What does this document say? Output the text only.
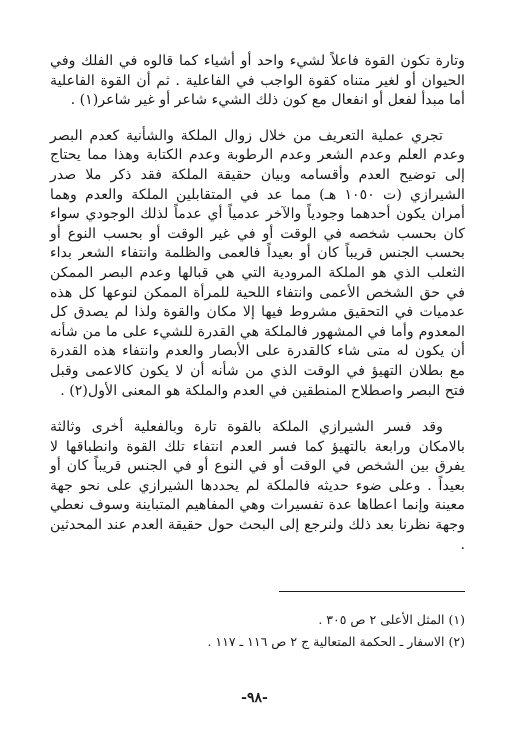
وتارة تكون القوة فاعلاً لشيء واحد أو أشياء كما قالوه في الفلك وفي الحيوان أو لغير متناه كقوة الواجب في الفاعلية . ثم أن القوة الفاعلية أما مبدأ لفعل أو انفعال مع كون ذلك الشيء شاعر أو غير شاعر(١) .

تجري عملية التعريف من خلال زوال الملكة والشأنية كعدم البصر وعدم العلم وعدم الشعر وعدم الرطوبة وعدم الكتابة وهذا مما يحتاج إلى توضيح العدم وأقسامه وبيان حقيقة الملكة فقد ذكر ملا صدر الشيرازي (ت ١٠٥٠ هـ) مما عد في المتقابلين الملكة والعدم وهما أمران يكون أحدهما وجودياً والآخر عدمياً أي عدماً لذلك الوجودي سواء كان بحسب شخصه في الوقت أو في غير الوقت أو بحسب النوع أو بحسب الجنس قريباً كان أو بعيداً فالعمى والظلمة وانتفاء الشعر بداء الثعلب الذي هو الملكة المرودية التي هي قبالها وعدم البصر الممكن في حق الشخص الأعمى وانتفاء اللحية للمرأة الممكن لنوعها كل هذه عدميات في التحقيق مشروط فيها إلا مكان والقوة ولذا لم يصدق كل المعدوم وأما في المشهور فالملكة هي القدرة للشيء على ما من شأنه أن يكون له متى شاء كالقدرة على الأبصار والعدم وانتفاء هذه القدرة مع بطلان التهيؤ في الوقت الذي من شأنه أن لا يكون كالاعمى وقبل فتح البصر واصطلاح المنطقين في العدم والملكة هو المعنى الأول(٢) .

وقد فسر الشيرازي الملكة بالقوة تارة وبالفعلية أخرى وثالثة بالامكان ورابعة بالتهيؤ كما فسر العدم انتفاء تلك القوة وانطباقها لا يفرق بين الشخص في الوقت أو في النوع أو في الجنس قريباً كان أو بعيداً . وعلى ضوء حديثه فالملكة لم يحددها الشيرازي على نحو جهة معينة وإنما اعطاها عدة تفسيرات وهي المفاهيم المتباينة وسوف نعطي وجهة نظرنا بعد ذلك ولنرجع إلى البحث حول حقيقة العدم عند المحدثين .

(١) المثل الأعلى ٢ ص ٣٠٥ .
(٢) الاسفار ـ الحكمة المتعالية ج ٢ ص ١١٦ ـ ١١٧ .
-٩٨-
